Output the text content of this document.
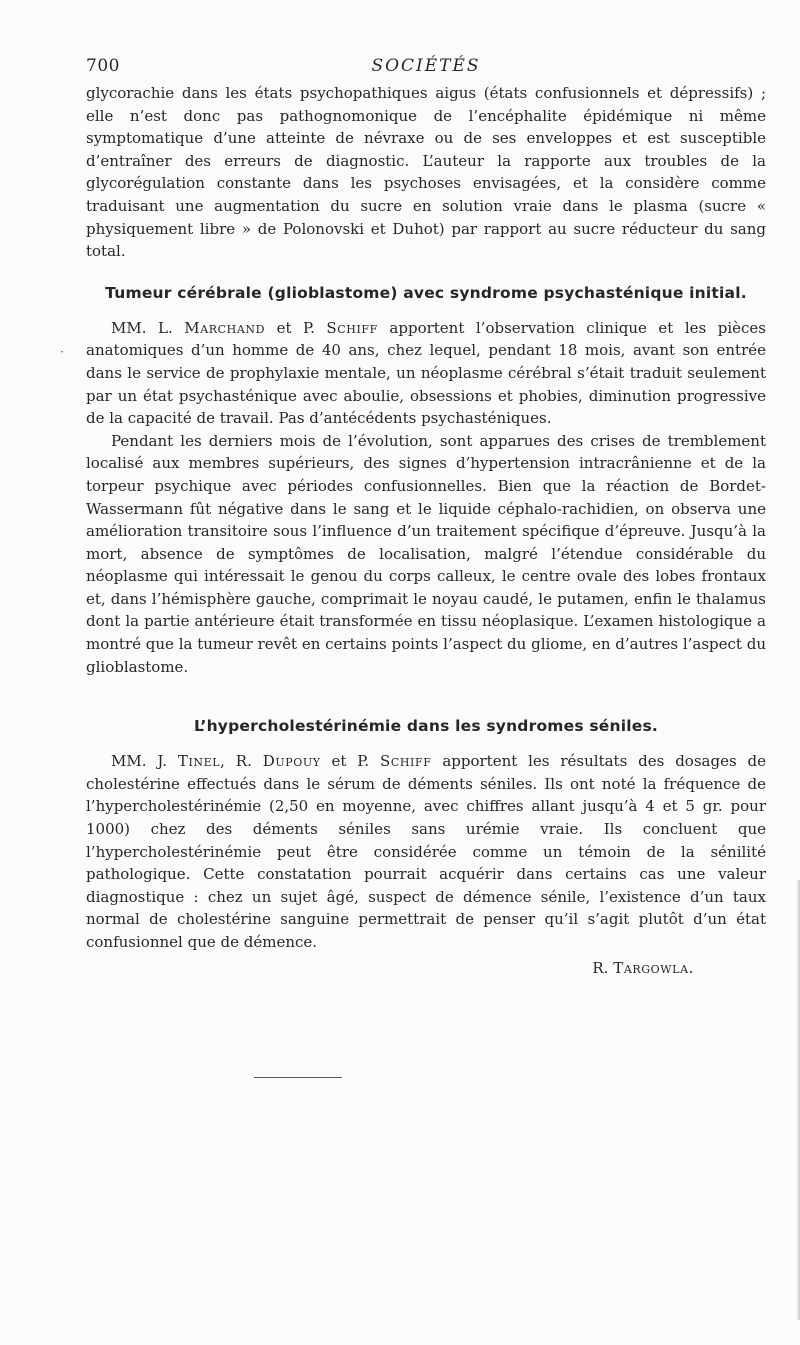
700	SOCIÉTÉS

glycorachie dans les états psychopathiques aigus (états confusionnels et dépressifs) ; elle n’est donc pas pathognomonique de l’encéphalite épidémique ni même symptomatique d’une atteinte de névraxe ou de ses enveloppes et est susceptible d’entraîner des erreurs de diagnostic. L’auteur la rapporte aux troubles de la glycorégulation constante dans les psychoses envisagées, et la considère comme traduisant une augmentation du sucre en solution vraie dans le plasma (sucre « physiquement libre » de Polonovski et Duhot) par rapport au sucre réducteur du sang total.

Tumeur cérébrale (glioblastome) avec syndrome psychasténique initial.

MM. L. Marchand et P. Schiff apportent l’observation clinique et les pièces anatomiques d’un homme de 40 ans, chez lequel, pendant 18 mois, avant son entrée dans le service de prophylaxie mentale, un néoplasme cérébral s’était traduit seulement par un état psychasténique avec aboulie, obsessions et phobies, diminution progressive de la capacité de travail. Pas d’antécédents psychasténiques.

Pendant les derniers mois de l’évolution, sont apparues des crises de tremblement localisé aux membres supérieurs, des signes d’hypertension intracrânienne et de la torpeur psychique avec périodes confusionnelles. Bien que la réaction de Bordet-Wassermann fût négative dans le sang et le liquide céphalo-rachidien, on observa une amélioration transitoire sous l’influence d’un traitement spécifique d’épreuve. Jusqu’à la mort, absence de symptômes de localisation, malgré l’étendue considérable du néoplasme qui intéressait le genou du corps calleux, le centre ovale des lobes frontaux et, dans l’hémisphère gauche, comprimait le noyau caudé, le putamen, enfin le thalamus dont la partie antérieure était transformée en tissu néoplasique. L’examen histologique a montré que la tumeur revêt en certains points l’aspect du gliome, en d’autres l’aspect du glioblastome.

L’hypercholestérinémie dans les syndromes séniles.

MM. J. Tinel, R. Dupouy et P. Schiff apportent les résultats des dosages de cholestérine effectués dans le sérum de déments séniles. Ils ont noté la fréquence de l’hypercholestérinémie (2,50 en moyenne, avec chiffres allant jusqu’à 4 et 5 gr. pour 1000) chez des déments séniles sans urémie vraie. Ils concluent que l’hypercholestérinémie peut être considérée comme un témoin de la sénilité pathologique. Cette constatation pourrait acquérir dans certains cas une valeur diagnostique : chez un sujet âgé, suspect de démence sénile, l’existence d’un taux normal de cholestérine sanguine permettrait de penser qu’il s’agit plutôt d’un état confusionnel que de démence.

R. Targowla.
·
